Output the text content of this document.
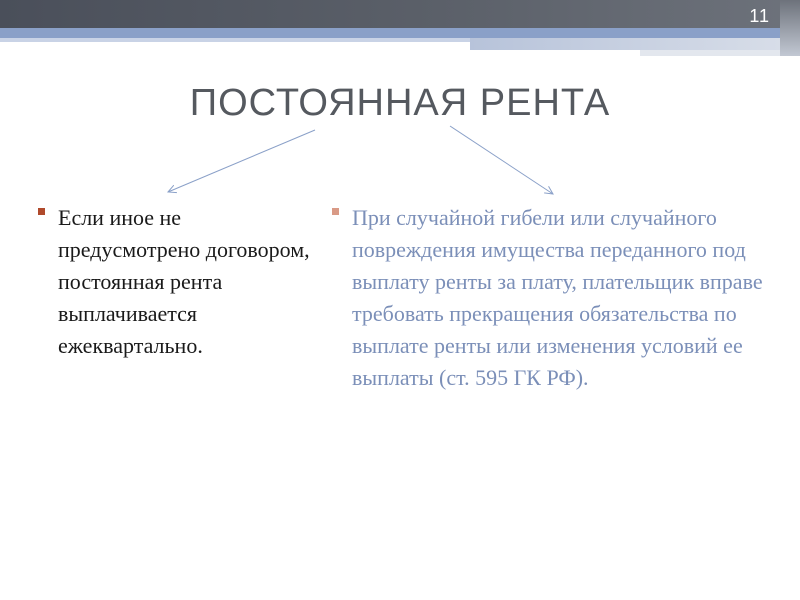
11
ПОСТОЯННАЯ РЕНТА
Если иное не предусмотрено договором, постоянная рента выплачивается ежеквартально.
При случайной гибели или случайного повреждения имущества переданного под выплату ренты за плату, плательщик вправе требовать прекращения обязательства по выплате ренты или изменения условий ее выплаты (ст. 595 ГК РФ).
